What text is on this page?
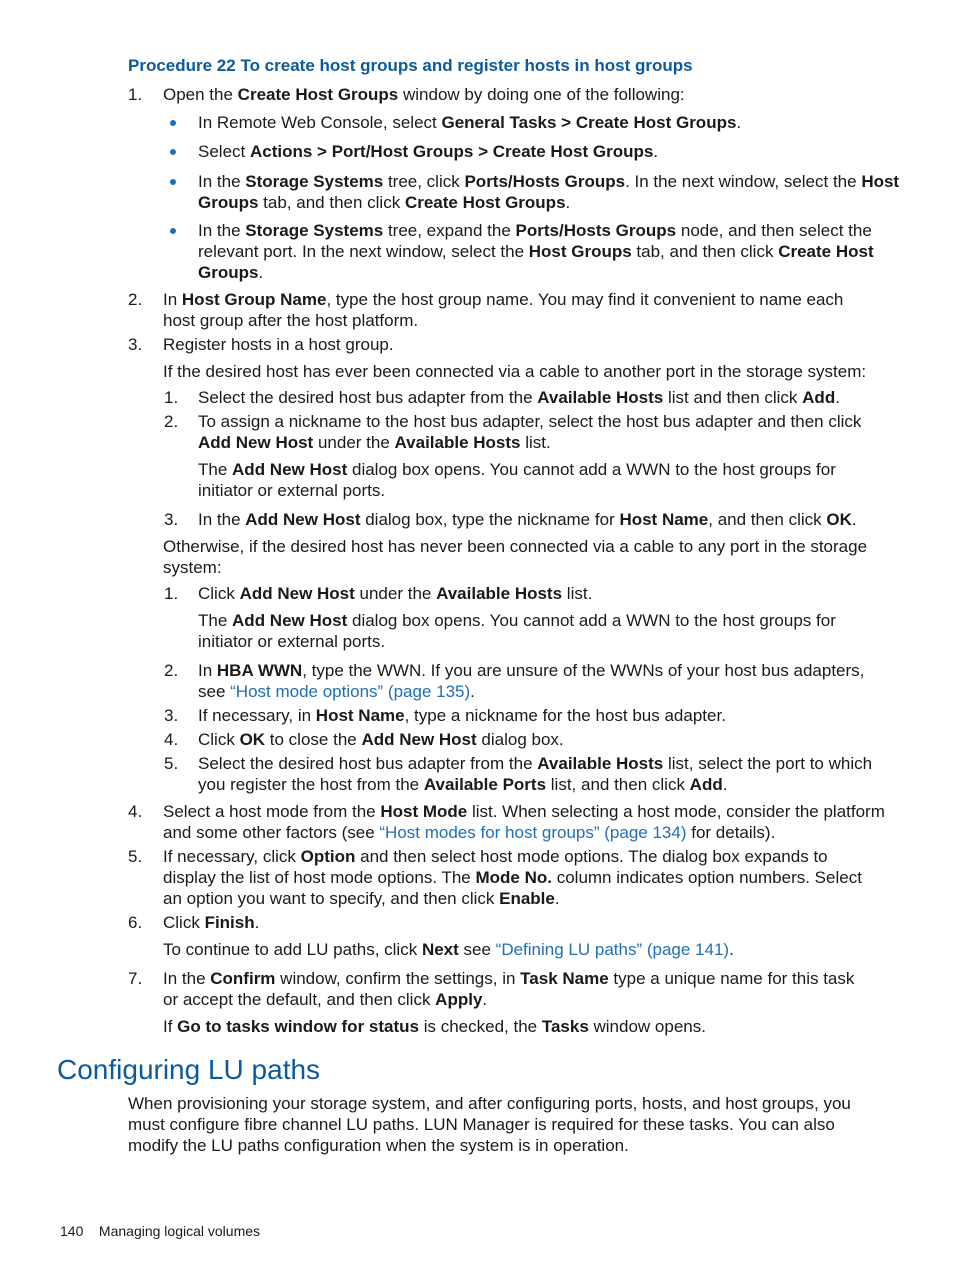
Procedure 22 To create host groups and register hosts in host groups
1. Open the Create Host Groups window by doing one of the following:
In Remote Web Console, select General Tasks > Create Host Groups.
Select Actions > Port/Host Groups > Create Host Groups.
In the Storage Systems tree, click Ports/Hosts Groups. In the next window, select the Host
Groups tab, and then click Create Host Groups.
In the Storage Systems tree, expand the Ports/Hosts Groups node, and then select the
relevant port. In the next window, select the Host Groups tab, and then click Create Host
Groups.
2. In Host Group Name, type the host group name. You may find it convenient to name each
host group after the host platform.
3. Register hosts in a host group.
If the desired host has ever been connected via a cable to another port in the storage system:
1. Select the desired host bus adapter from the Available Hosts list and then click Add.
2. To assign a nickname to the host bus adapter, select the host bus adapter and then click
Add New Host under the Available Hosts list.
The Add New Host dialog box opens. You cannot add a WWN to the host groups for
initiator or external ports.
3. In the Add New Host dialog box, type the nickname for Host Name, and then click OK.
Otherwise, if the desired host has never been connected via a cable to any port in the storage
system:
1. Click Add New Host under the Available Hosts list.
The Add New Host dialog box opens. You cannot add a WWN to the host groups for
initiator or external ports.
2. In HBA WWN, type the WWN. If you are unsure of the WWNs of your host bus adapters,
see “Host mode options” (page 135).
3. If necessary, in Host Name, type a nickname for the host bus adapter.
4. Click OK to close the Add New Host dialog box.
5. Select the desired host bus adapter from the Available Hosts list, select the port to which
you register the host from the Available Ports list, and then click Add.
4. Select a host mode from the Host Mode list. When selecting a host mode, consider the platform
and some other factors (see “Host modes for host groups” (page 134) for details).
5. If necessary, click Option and then select host mode options. The dialog box expands to
display the list of host mode options. The Mode No. column indicates option numbers. Select
an option you want to specify, and then click Enable.
6. Click Finish.
To continue to add LU paths, click Next see “Defining LU paths” (page 141).
7. In the Confirm window, confirm the settings, in Task Name type a unique name for this task
or accept the default, and then click Apply.
If Go to tasks window for status is checked, the Tasks window opens.
Configuring LU paths
When provisioning your storage system, and after configuring ports, hosts, and host groups, you
must configure fibre channel LU paths. LUN Manager is required for these tasks. You can also
modify the LU paths configuration when the system is in operation.
140 Managing logical volumes
